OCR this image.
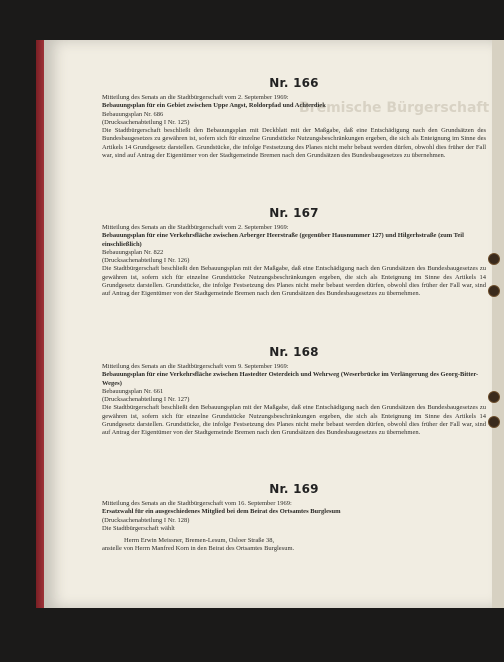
Bremische Bürgerschaft

Nr. 166

Mitteilung des Senats an die Stadtbürgerschaft vom 2. September 1969:

Bebauungsplan für ein Gebiet zwischen Uppe Angst, Roldorpfad und Achterdiek

Bebauungsplan Nr. 686

(Drucksachenabteilung I Nr. 125)

Die Stadtbürgerschaft beschließt den Bebauungsplan mit Deckblatt mit der Maßgabe, daß eine Entschädigung nach den Grundsätzen des Bundesbaugesetzes zu gewähren ist, sofern sich für einzelne Grundstücke Nutzungsbeschränkungen ergeben, die sich als Enteignung im Sinne des Artikels 14 Grundgesetz darstellen. Grundstücke, die infolge Festsetzung des Planes nicht mehr bebaut werden dürfen, obwohl dies früher der Fall war, sind auf Antrag der Eigentümer von der Stadtgemeinde Bremen nach den Grundsätzen des Bundesbaugesetzes zu übernehmen.

Nr. 167

Mitteilung des Senats an die Stadtbürgerschaft vom 2. September 1969:

Bebauungsplan für eine Verkehrsfläche zwischen Arberger Heerstraße (gegenüber Hausnummer 127) und Hilgerhstraße (zum Teil einschließlich)

Bebauungsplan Nr. 822

(Drucksachenabteilung I Nr. 126)

Die Stadtbürgerschaft beschließt den Bebauungsplan mit der Maßgabe, daß eine Entschädigung nach den Grundsätzen des Bundesbaugesetzes zu gewähren ist, sofern sich für einzelne Grundstücke Nutzungsbeschränkungen ergeben, die sich als Enteignung im Sinne des Artikels 14 Grundgesetz darstellen. Grundstücke, die infolge Festsetzung des Planes nicht mehr bebaut werden dürfen, obwohl dies früher der Fall war, sind auf Antrag der Eigentümer von der Stadtgemeinde Bremen nach den Grundsätzen des Bundesbaugesetzes zu übernehmen.

Nr. 168

Mitteilung des Senats an die Stadtbürgerschaft vom 9. September 1969:

Bebauungsplan für eine Verkehrsfläche zwischen Hastedter Osterdeich und Wehrweg (Weserbrücke im Verlängerung des Georg-Bitter-Weges)

Bebauungsplan Nr. 661

(Drucksachenabteilung I Nr. 127)

Die Stadtbürgerschaft beschließt den Bebauungsplan mit der Maßgabe, daß eine Entschädigung nach den Grundsätzen des Bundesbaugesetzes zu gewähren ist, sofern sich für einzelne Grundstücke Nutzungsbeschränkungen ergeben, die sich als Enteignung im Sinne des Artikels 14 Grundgesetz darstellen. Grundstücke, die infolge Festsetzung des Planes nicht mehr bebaut werden dürfen, obwohl dies früher der Fall war, sind auf Antrag der Eigentümer von der Stadtgemeinde Bremen nach den Grundsätzen des Bundesbaugesetzes zu übernehmen.

Nr. 169

Mitteilung des Senats an die Stadtbürgerschaft vom 16. September 1969:

Ersatzwahl für ein ausgeschiedenes Mitglied bei dem Beirat des Ortsamtes Burglesum

(Drucksachenabteilung I Nr. 128)

Die Stadtbürgerschaft wählt

Herrn Erwin Meissner, Bremen-Lesum, Osloer Straße 38,

anstelle von Herrn Manfred Korn in den Beirat des Ortsamtes Burglesum.
